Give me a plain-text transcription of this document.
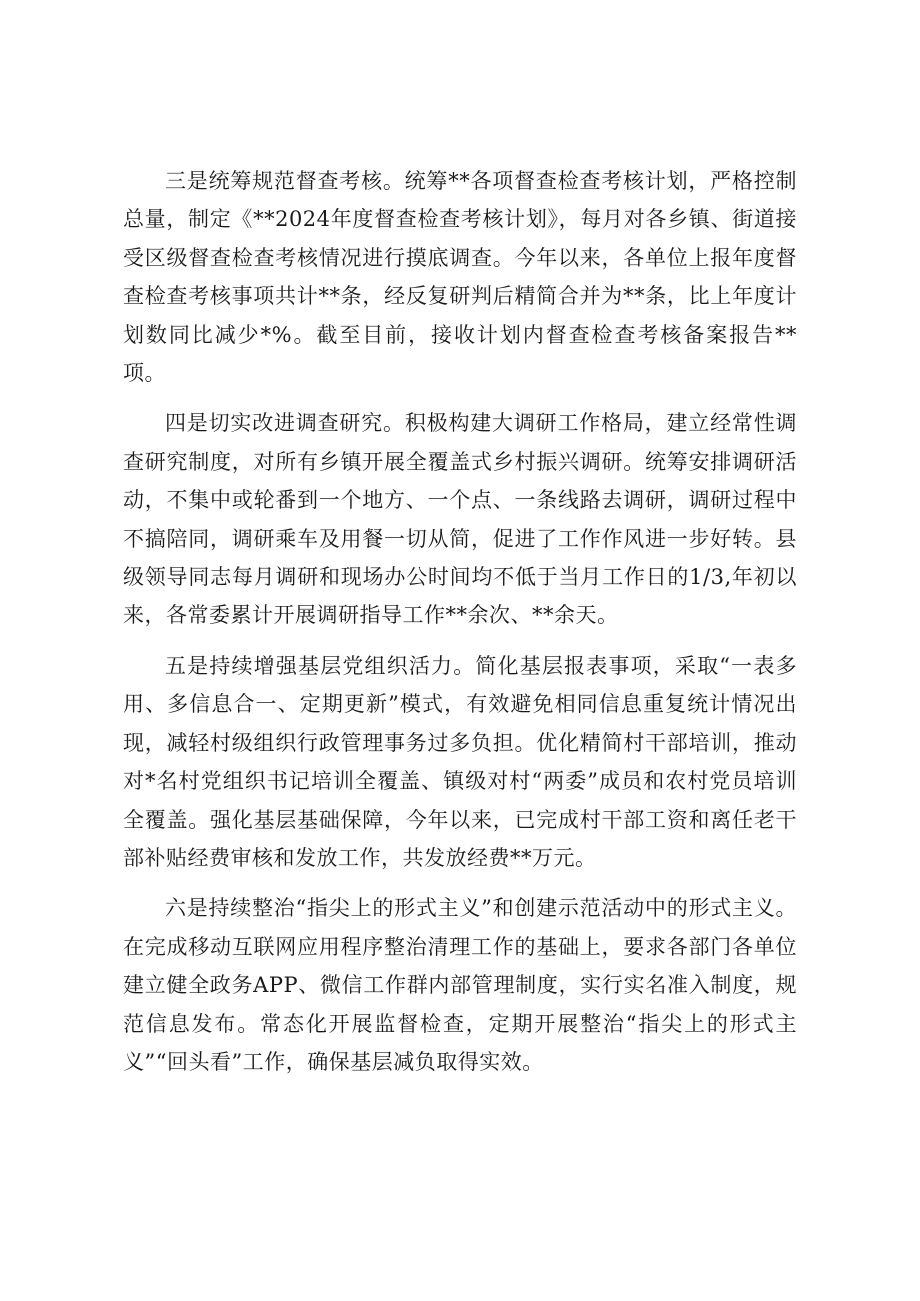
三是统筹规范督查考核。统筹**各项督查检查考核计划，严格控制总量，制定《**2024年度督查检查考核计划》，每月对各乡镇、街道接受区级督查检查考核情况进行摸底调查。今年以来，各单位上报年度督查检查考核事项共计**条，经反复研判后精简合并为**条，比上年度计划数同比减少*%。截至目前，接收计划内督查检查考核备案报告**项。

四是切实改进调查研究。积极构建大调研工作格局，建立经常性调查研究制度，对所有乡镇开展全覆盖式乡村振兴调研。统筹安排调研活动，不集中或轮番到一个地方、一个点、一条线路去调研，调研过程中不搞陪同，调研乘车及用餐一切从简，促进了工作作风进一步好转。县级领导同志每月调研和现场办公时间均不低于当月工作日的1/3,年初以来，各常委累计开展调研指导工作**余次、**余天。

五是持续增强基层党组织活力。简化基层报表事项，采取“一表多用、多信息合一、定期更新”模式，有效避免相同信息重复统计情况出现，减轻村级组织行政管理事务过多负担。优化精简村干部培训，推动对*名村党组织书记培训全覆盖、镇级对村“两委”成员和农村党员培训全覆盖。强化基层基础保障，今年以来，已完成村干部工资和离任老干部补贴经费审核和发放工作，共发放经费**万元。

六是持续整治“指尖上的形式主义”和创建示范活动中的形式主义。在完成移动互联网应用程序整治清理工作的基础上，要求各部门各单位建立健全政务APP、微信工作群内部管理制度，实行实名准入制度，规范信息发布。常态化开展监督检查，定期开展整治“指尖上的形式主义”“回头看”工作，确保基层减负取得实效。
